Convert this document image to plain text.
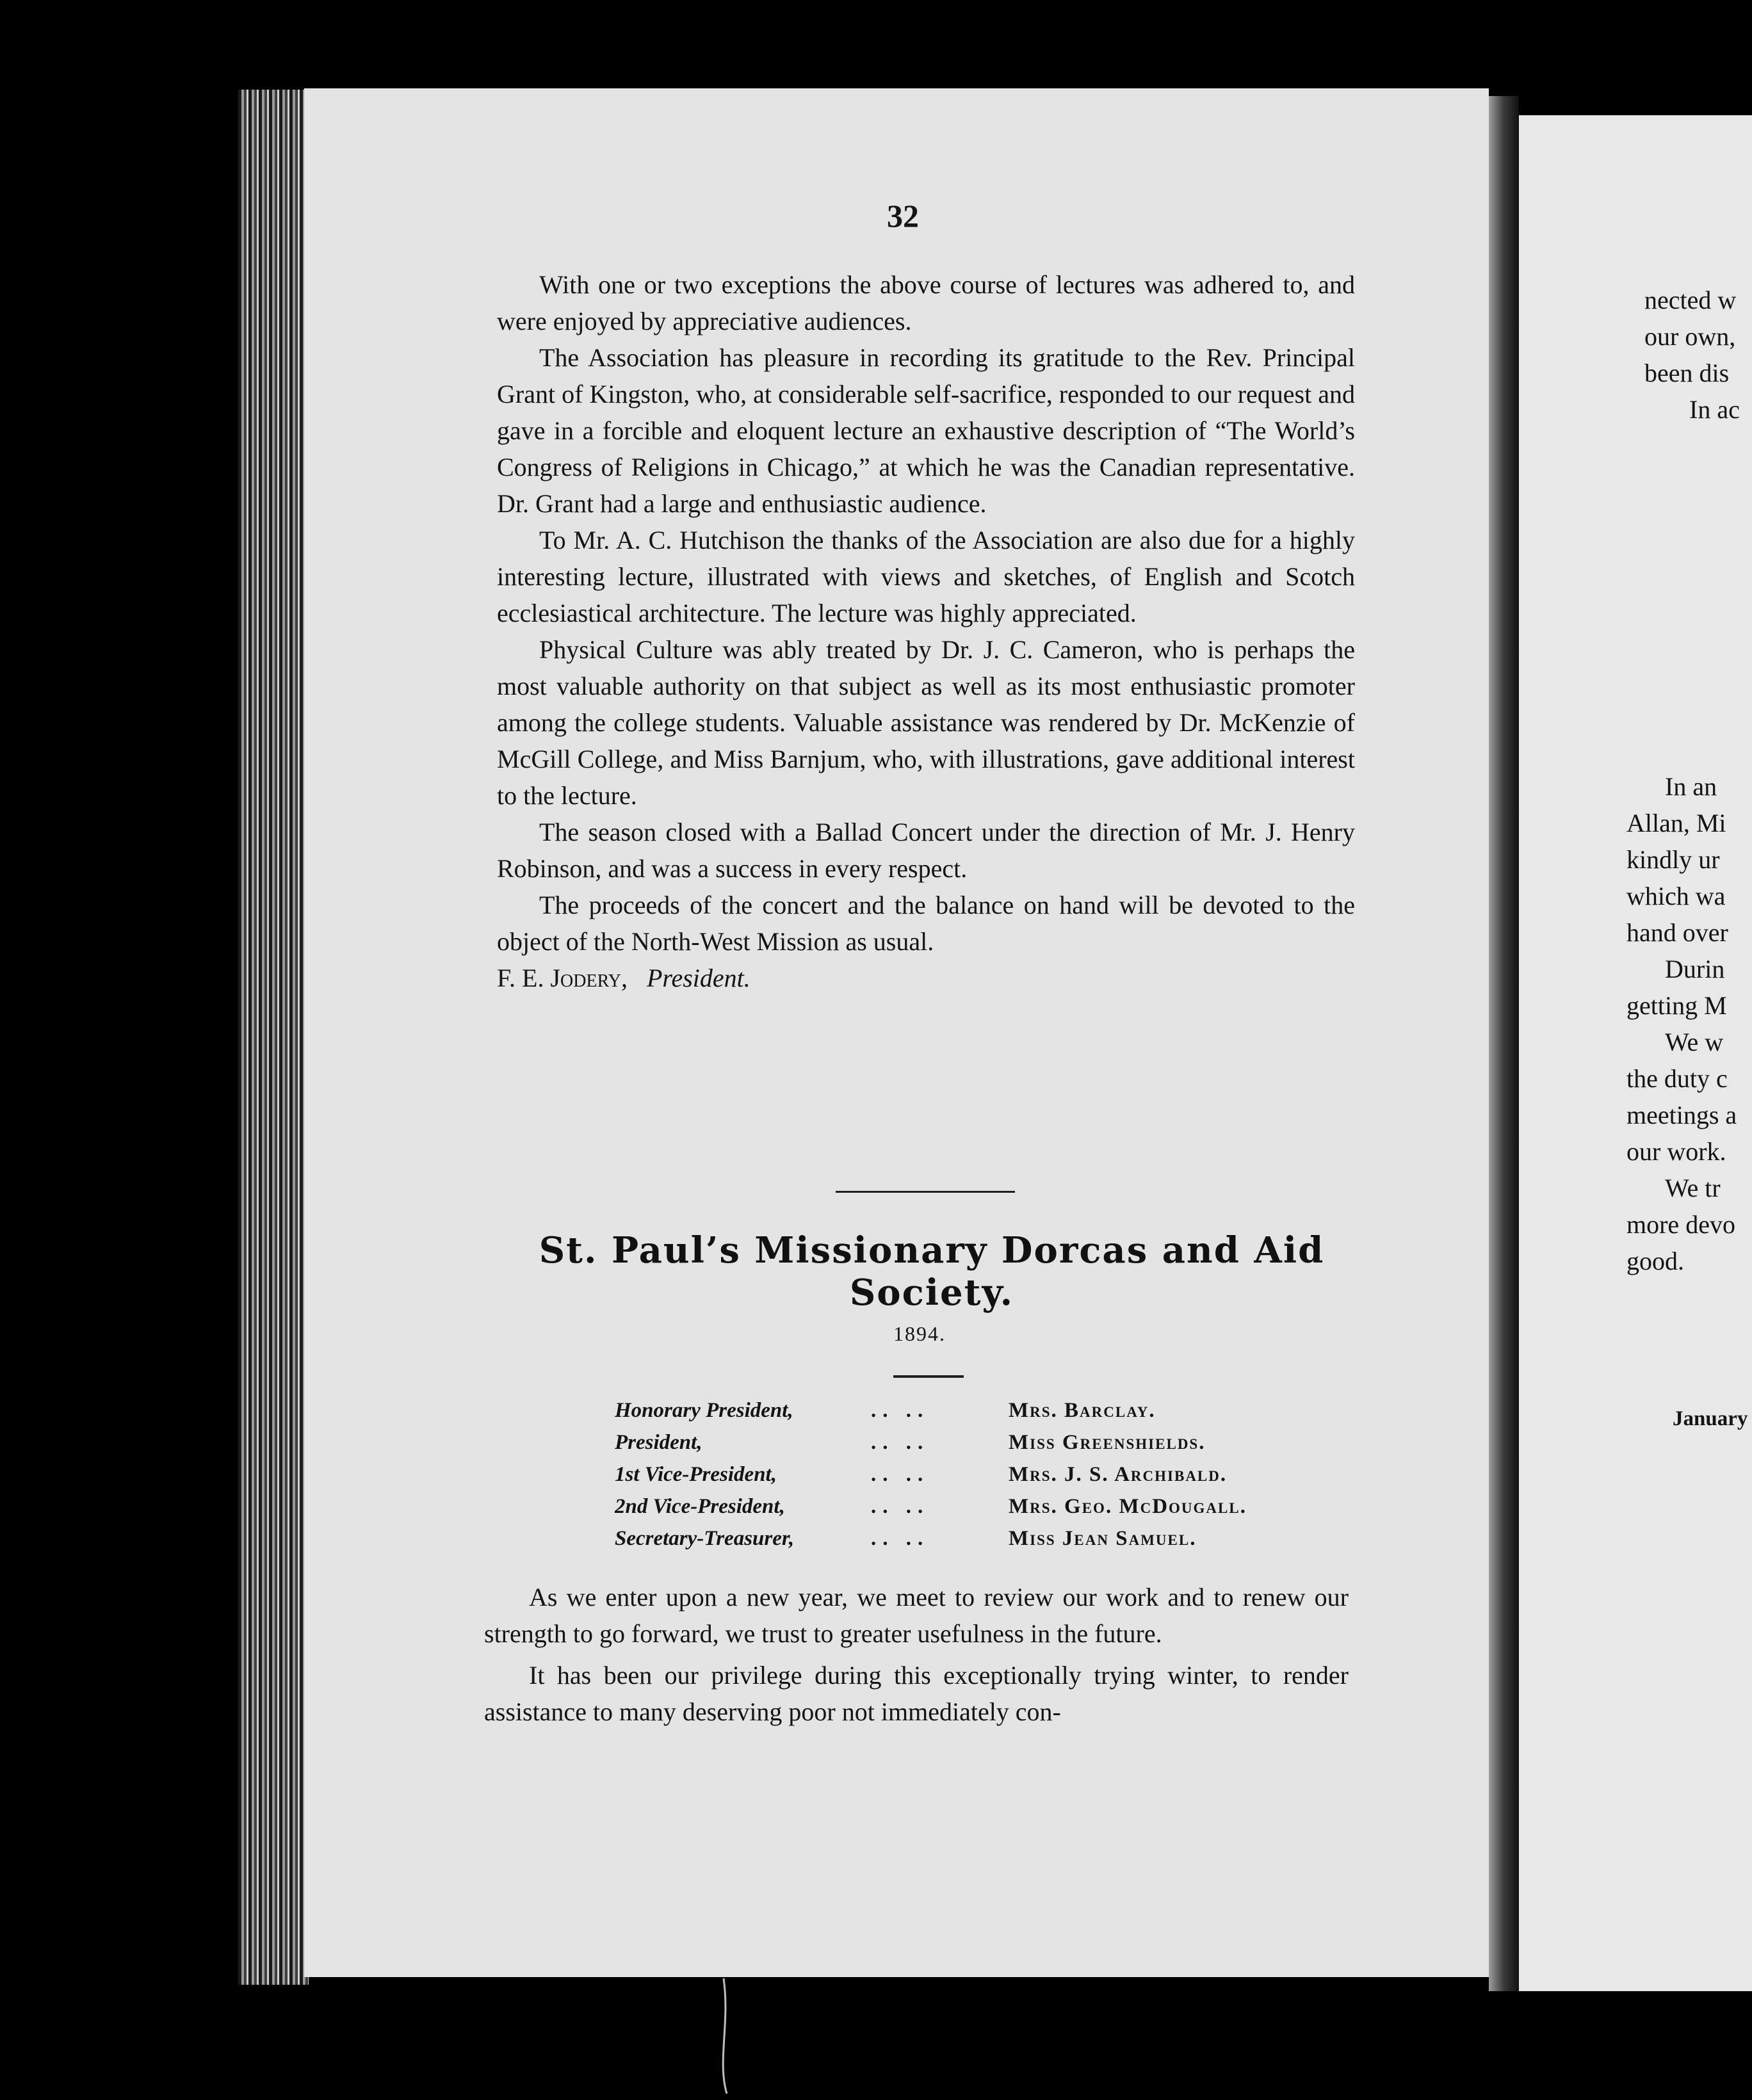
32

With one or two exceptions the above course of lectures was adhered to, and were enjoyed by appreciative audiences.

The Association has pleasure in recording its gratitude to the Rev. Principal Grant of Kingston, who, at considerable self-sacrifice, responded to our request and gave in a forcible and eloquent lecture an exhaustive description of “The World’s Congress of Religions in Chicago,” at which he was the Canadian representative. Dr. Grant had a large and enthusiastic audience.

To Mr. A. C. Hutchison the thanks of the Association are also due for a highly interesting lecture, illustrated with views and sketches, of English and Scotch ecclesiastical architecture. The lecture was highly appreciated.

Physical Culture was ably treated by Dr. J. C. Cameron, who is perhaps the most valuable authority on that subject as well as its most enthusiastic promoter among the college students. Valuable assistance was rendered by Dr. McKenzie of McGill College, and Miss Barnjum, who, with illustrations, gave additional interest to the lecture.

The season closed with a Ballad Concert under the direction of Mr. J. Henry Robinson, and was a success in every respect.

The proceeds of the concert and the balance on hand will be devoted to the object of the North-West Mission as usual.

F. E. Jodery, President.

St. Paul’s Missionary Dorcas and Aid Society.
1894.
Honorary President,	.. ..	Mrs. Barclay.
President,	.. ..	Miss Greenshields.
1st Vice-President,	.. ..	Mrs. J. S. Archibald.
2nd Vice-President,	.. ..	Mrs. Geo. McDougall.
Secretary-Treasurer,	.. ..	Miss Jean Samuel.

As we enter upon a new year, we meet to review our work and to renew our strength to go forward, we trust to greater usefulness in the future.

It has been our privilege during this exceptionally trying winter, to render assistance to many deserving poor not immediately con-

nected w
our own,
been dis
In ac
In an
Allan, Mi
kindly ur
which wa
hand over
Durin
getting M
We w
the duty c
meetings a
our work.
We tr
more devo
good.
January
